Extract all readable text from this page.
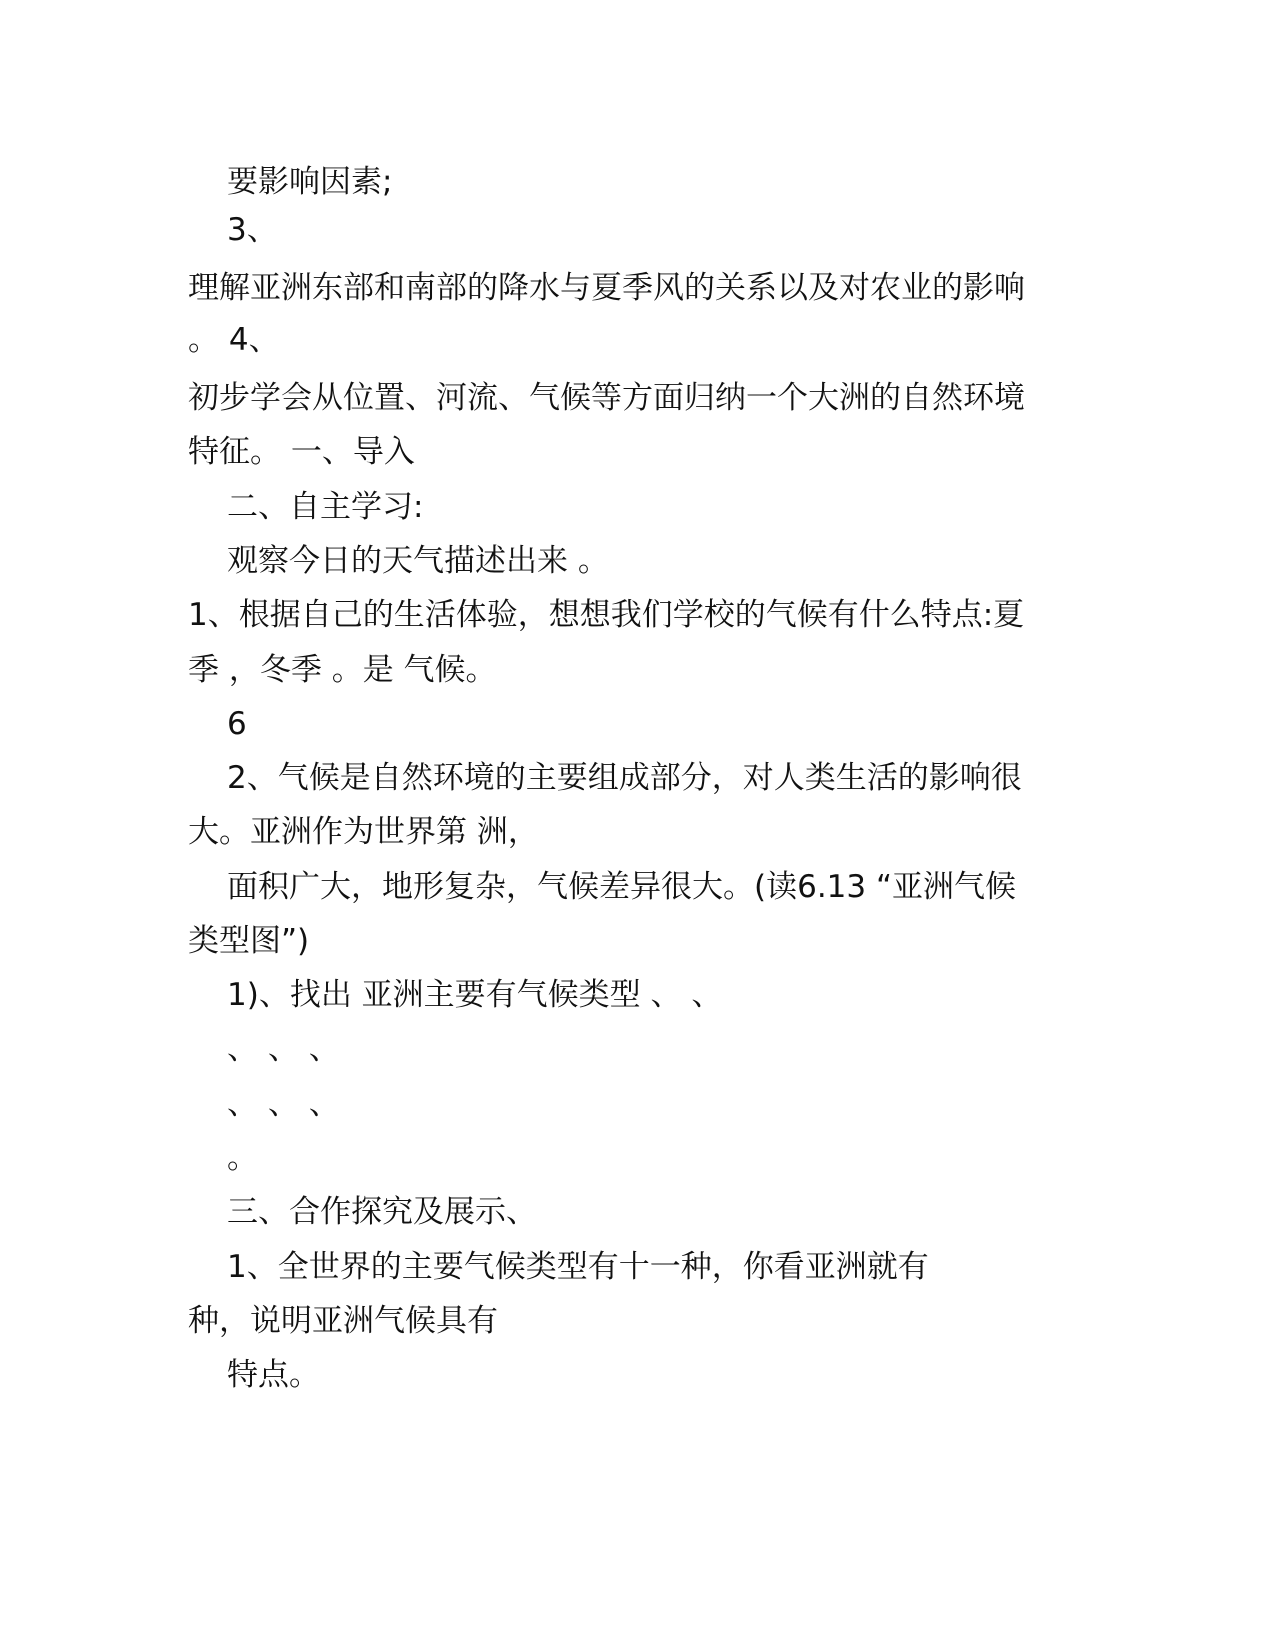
要影响因素;

3、

理解亚洲东部和南部的降水与夏季风的关系以及对农业的影响

。 4、

初步学会从位置、河流、气候等方面归纳一个大洲的自然环境

特征。 一、导入

二、自主学习:

观察今日的天气描述出来 。

1、根据自己的生活体验，想想我们学校的气候有什么特点:夏

季 ，冬季 。是 气候。

6

2、气候是自然环境的主要组成部分，对人类生活的影响很

大。亚洲作为世界第 洲，

面积广大，地形复杂，气候差异很大。(读6.13 “亚洲气候

类型图”)

1)、找出 亚洲主要有气候类型 、 、

、 、 、

、 、 、

。

三、合作探究及展示、

1、全世界的主要气候类型有十一种，你看亚洲就有

种，说明亚洲气候具有

特点。
